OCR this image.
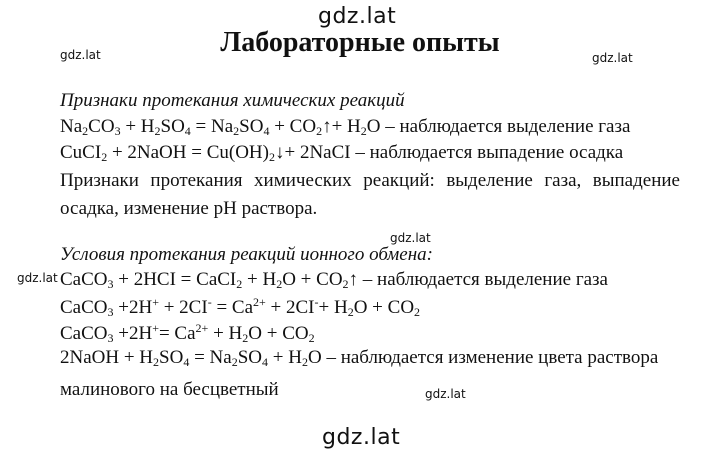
gdz.lat
gdz.lat	gdz.lat
gdz.lat
gdz.lat
gdz.lat
gdz.lat
Лабораторные опыты
Признаки протекания химических реакций
$Na_2CO_3 + H_2SO_4 = Na_2SO_4$ + $CO_2↑+ H_2O$ – наблюдается выделение газа
CuCI$_2$ + 2NaOH = $Cu(OH)_2↓+$ 2NaCI – наблюдается выпадение осадка
Признаки протекания химических реакций: выделение газа, выпадение осадка, изменение pH раствора.
Условия протекания реакций ионного обмена:
CaCO$_3$ + 2HCI = CaCI$_2$ + $H_2O$ + $CO_2↑$ – наблюдается выделение газа
CaCO$_3$ $+2H^+ + 2CI^- = Ca^{2+} + 2CI^-+ H_2O + CO_2$
CaCO$_3$ $+2H^+= Ca^{2+} + H_2O + CO_2$
2NaOH + $H_2SO_4 = Na_2SO_4 + H_2O$ – наблюдается изменение цвета раствора
малинового на бесцветный
